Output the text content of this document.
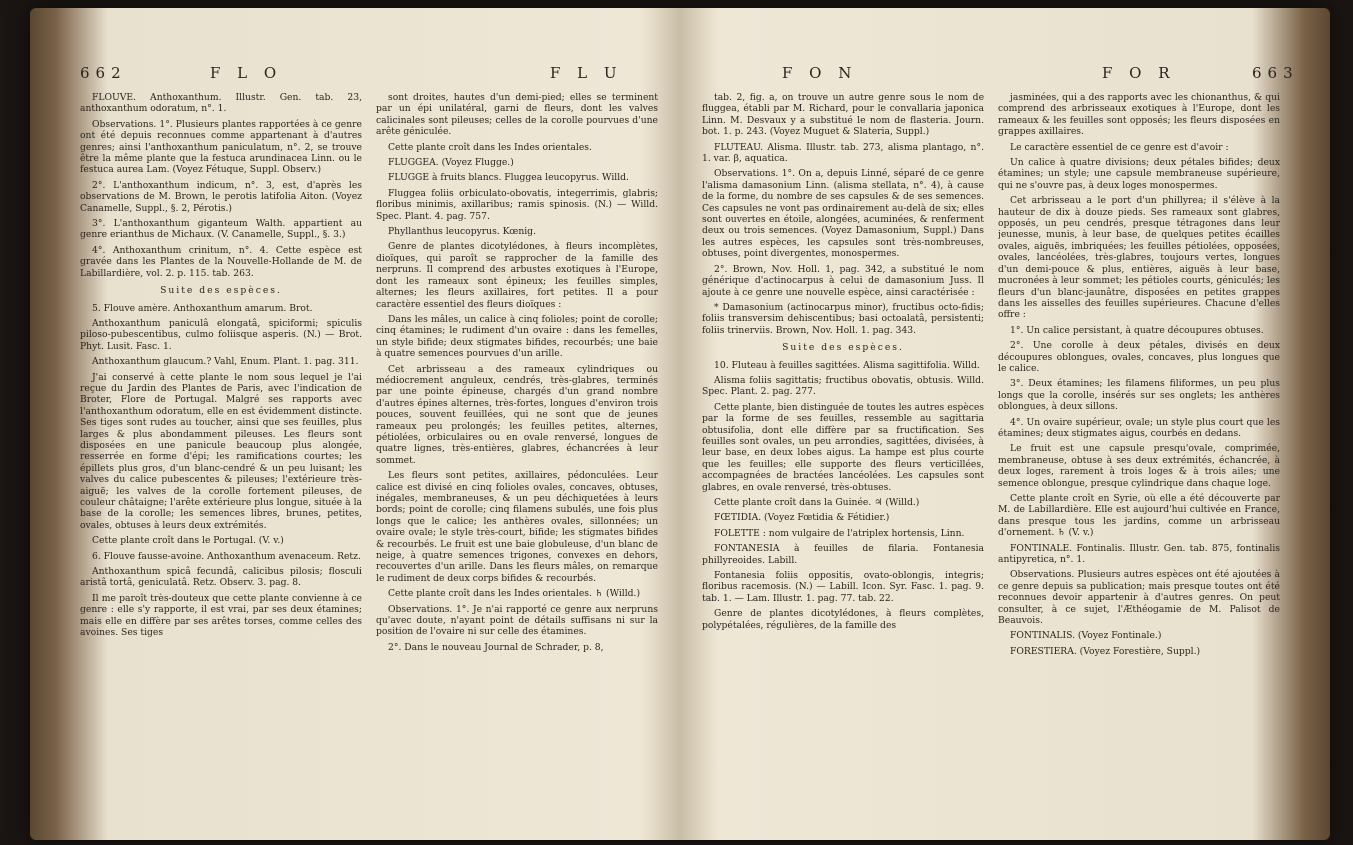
662	F L O	F L U

FLOUVE. Anthoxanthum. Illustr. Gen. tab. 23, anthoxanthum odoratum, n°. 1.

Observations. 1°. Plusieurs plantes rapportées à ce genre ont été depuis reconnues comme appartenant à d'autres genres; ainsi l'anthoxanthum paniculatum, n°. 2, se trouve être la même plante que la festuca arundinacea Linn. ou le festuca aurea Lam. (Voyez Fétuque, Suppl. Observ.)

2°. L'anthoxanthum indicum, n°. 3, est, d'après les observations de M. Brown, le perotis latifolia Aiton. (Voyez Canamelle, Suppl., §. 2, Pérotis.)

3°. L'anthoxanthum giganteum Walth. appartient au genre erianthus de Michaux. (V. Canamelle, Suppl., §. 3.)

4°. Anthoxanthum crinitum, n°. 4. Cette espèce est gravée dans les Plantes de la Nouvelle-Hollande de M. de Labillardière, vol. 2. p. 115. tab. 263.

Suite des espèces.

5. Flouve amère. Anthoxanthum amarum. Brot.

Anthoxanthum paniculâ elongatâ, spiciformi; spiculis piloso-pubescentibus, culmo foliisque asperis. (N.) — Brot. Phyt. Lusit. Fasc. 1.

Anthoxanthum glaucum.? Vahl, Enum. Plant. 1. pag. 311.

J'ai conservé à cette plante le nom sous lequel je l'ai reçue du Jardin des Plantes de Paris, avec l'indication de Broter, Flore de Portugal. Malgré ses rapports avec l'anthoxanthum odoratum, elle en est évidemment distincte. Ses tiges sont rudes au toucher, ainsi que ses feuilles, plus larges & plus abondamment pileuses. Les fleurs sont disposées en une panicule beaucoup plus alongée, resserrée en forme d'épi; les ramifications courtes; les épillets plus gros, d'un blanc-cendré & un peu luisant; les valves du calice pubescentes & pileuses; l'extérieure très-aiguë; les valves de la corolle fortement pileuses, de couleur châtaigne; l'arête extérieure plus longue, située à la base de la corolle; les semences libres, brunes, petites, ovales, obtuses à leurs deux extrémités.

Cette plante croît dans le Portugal. (V. v.)

6. Flouve fausse-avoine. Anthoxanthum avenaceum. Retz.

Anthoxanthum spicâ fecundâ, calicibus pilosis; flosculi aristâ tortâ, geniculatâ. Retz. Observ. 3. pag. 8.

Il me paroît très-douteux que cette plante convienne à ce genre : elle s'y rapporte, il est vrai, par ses deux étamines; mais elle en diffère par ses arêtes torses, comme celles des avoines. Ses tiges

sont droites, hautes d'un demi-pied; elles se terminent par un épi unilatéral, garni de fleurs, dont les valves calicinales sont pileuses; celles de la corolle pourvues d'une arête géniculée.

Cette plante croît dans les Indes orientales.

FLUGGEA. (Voyez Flugge.)

FLUGGE à fruits blancs. Fluggea leucopyrus. Willd.

Fluggea foliis orbiculato-obovatis, integerrimis, glabris; floribus minimis, axillaribus; ramis spinosis. (N.) — Willd. Spec. Plant. 4. pag. 757.

Phyllanthus leucopyrus. Kœnig.

Genre de plantes dicotylédones, à fleurs incomplètes, dioïques, qui paroît se rapprocher de la famille des nerpruns. Il comprend des arbustes exotiques à l'Europe, dont les rameaux sont épineux; les feuilles simples, alternes; les fleurs axillaires, fort petites. Il a pour caractère essentiel des fleurs dioïques :

Dans les mâles, un calice à cinq folioles; point de corolle; cinq étamines; le rudiment d'un ovaire : dans les femelles, un style bifide; deux stigmates bifides, recourbés; une baie à quatre semences pourvues d'un arille.

Cet arbrisseau a des rameaux cylindriques ou médiocrement anguleux, cendrés, très-glabres, terminés par une pointe épineuse, chargés d'un grand nombre d'autres épines alternes, très-fortes, longues d'environ trois pouces, souvent feuillées, qui ne sont que de jeunes rameaux peu prolongés; les feuilles petites, alternes, pétiolées, orbiculaires ou en ovale renversé, longues de quatre lignes, très-entières, glabres, échancrées à leur sommet.

Les fleurs sont petites, axillaires, pédonculées. Leur calice est divisé en cinq folioles ovales, concaves, obtuses, inégales, membraneuses, & un peu déchiquetées à leurs bords; point de corolle; cinq filamens subulés, une fois plus longs que le calice; les anthères ovales, sillonnées; un ovaire ovale; le style très-court, bifide; les stigmates bifides & recourbés. Le fruit est une baie globuleuse, d'un blanc de neige, à quatre semences trigones, convexes en dehors, recouvertes d'un arille. Dans les fleurs mâles, on remarque le rudiment de deux corps bifides & recourbés.

Cette plante croît dans les Indes orientales. ♄ (Willd.)

Observations. 1°. Je n'ai rapporté ce genre aux nerpruns qu'avec doute, n'ayant point de détails suffisans ni sur la position de l'ovaire ni sur celle des étamines.

2°. Dans le nouveau Journal de Schrader, p. 8,

F O N	F O R	663

tab. 2, fig. a, on trouve un autre genre sous le nom de fluggea, établi par M. Richard, pour le convallaria japonica Linn. M. Desvaux y a substitué le nom de flasteria. Journ. bot. 1. p. 243. (Voyez Muguet & Slateria, Suppl.)

FLUTEAU. Alisma. Illustr. tab. 273, alisma plantago, n°. 1. var. β, aquatica.

Observations. 1°. On a, depuis Linné, séparé de ce genre l'alisma damasonium Linn. (alisma stellata, n°. 4), à cause de la forme, du nombre de ses capsules & de ses semences. Ces capsules ne vont pas ordinairement au-delà de six; elles sont ouvertes en étoile, alongées, acuminées, & renferment deux ou trois semences. (Voyez Damasonium, Suppl.) Dans les autres espèces, les capsules sont très-nombreuses, obtuses, point divergentes, monospermes.

2°. Brown, Nov. Holl. 1, pag. 342, a substitué le nom générique d'actinocarpus à celui de damasonium Juss. Il ajoute à ce genre une nouvelle espèce, ainsi caractérisée :

* Damasonium (actinocarpus minor), fructibus octo-fidis; foliis transversim dehiscentibus; basi octoalatâ, persistenti; foliis trinerviis. Brown, Nov. Holl. 1. pag. 343.

Suite des espèces.

10. Fluteau à feuilles sagittées. Alisma sagittifolia. Willd.

Alisma foliis sagittatis; fructibus obovatis, obtusis. Willd. Spec. Plant. 2. pag. 277.

Cette plante, bien distinguée de toutes les autres espèces par la forme de ses feuilles, ressemble au sagittaria obtusifolia, dont elle diffère par sa fructification. Ses feuilles sont ovales, un peu arrondies, sagittées, divisées, à leur base, en deux lobes aigus. La hampe est plus courte que les feuilles; elle supporte des fleurs verticillées, accompagnées de bractées lancéolées. Les capsules sont glabres, en ovale renversé, très-obtuses.

Cette plante croît dans la Guinée. ♃ (Willd.)

FŒTIDIA. (Voyez Fœtidia & Fétidier.)

FOLETTE : nom vulgaire de l'atriplex hortensis, Linn.

FONTANESIA à feuilles de filaria. Fontanesia phillyreoides. Labill.

Fontanesia foliis oppositis, ovato-oblongis, integris; floribus racemosis. (N.) — Labill. Icon. Syr. Fasc. 1. pag. 9. tab. 1. — Lam. Illustr. 1. pag. 77. tab. 22.

Genre de plantes dicotylédones, à fleurs complètes, polypétalées, régulières, de la famille des

jasminées, qui a des rapports avec les chionanthus, & qui comprend des arbrisseaux exotiques à l'Europe, dont les rameaux & les feuilles sont opposés; les fleurs disposées en grappes axillaires.

Le caractère essentiel de ce genre est d'avoir :

Un calice à quatre divisions; deux pétales bifides; deux étamines; un style; une capsule membraneuse supérieure, qui ne s'ouvre pas, à deux loges monospermes.

Cet arbrisseau a le port d'un phillyrea; il s'élève à la hauteur de dix à douze pieds. Ses rameaux sont glabres, opposés, un peu cendrés, presque tétragones dans leur jeunesse, munis, à leur base, de quelques petites écailles ovales, aiguës, imbriquées; les feuilles pétiolées, opposées, ovales, lancéolées, très-glabres, toujours vertes, longues d'un demi-pouce & plus, entières, aiguës à leur base, mucronées à leur sommet; les pétioles courts, géniculés; les fleurs d'un blanc-jaunâtre, disposées en petites grappes dans les aisselles des feuilles supérieures. Chacune d'elles offre :

1°. Un calice persistant, à quatre découpures obtuses.

2°. Une corolle à deux pétales, divisés en deux découpures oblongues, ovales, concaves, plus longues que le calice.

3°. Deux étamines; les filamens filiformes, un peu plus longs que la corolle, insérés sur ses onglets; les anthères oblongues, à deux sillons.

4°. Un ovaire supérieur, ovale; un style plus court que les étamines; deux stigmates aigus, courbés en dedans.

Le fruit est une capsule presqu'ovale, comprimée, membraneuse, obtuse à ses deux extrémités, échancrée, à deux loges, rarement à trois loges & à trois ailes; une semence oblongue, presque cylindrique dans chaque loge.

Cette plante croît en Syrie, où elle a été découverte par M. de Labillardière. Elle est aujourd'hui cultivée en France, dans presque tous les jardins, comme un arbrisseau d'ornement. ♄ (V. v.)

FONTINALE. Fontinalis. Illustr. Gen. tab. 875, fontinalis antipyretica, n°. 1.

Observations. Plusieurs autres espèces ont été ajoutées à ce genre depuis sa publication; mais presque toutes ont été reconnues devoir appartenir à d'autres genres. On peut consulter, à ce sujet, l'Æthéogamie de M. Palisot de Beauvois.

FONTINALIS. (Voyez Fontinale.)

FORESTIERA. (Voyez Forestière, Suppl.)
